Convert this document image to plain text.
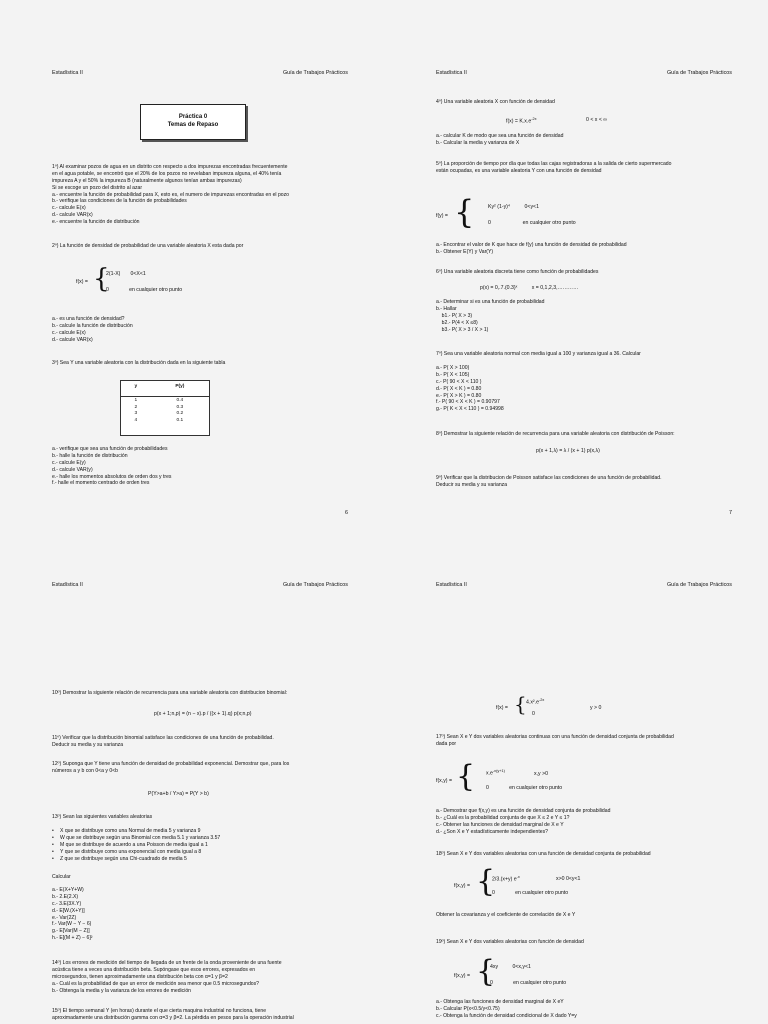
Estadística II	Guía de Trabajos Prácticos
Práctica 0
Temas de Repaso

1º) Al examinar pozos de agua en un distrito con respecto a dos impurezas encontradas frecuentemente

en el agua potable, se encontró que el 20% de los pozos no revelaban impureza alguna, el 40% tenía

impureza A y el 50% la impureza B (naturalmente algunos tenían ambas impurezas)

Si se escoge un pozo del distrito al azar

a.- encuentre la función de probabilidad para X, esto es, el numero de impurezas encontradas en el pozo

b.- verifique las condiciones de la función de probabilidades

c.- calcule E(x)

d.- calcule VAR(x)

e.- encuentre la función de distribución

2º) La función de densidad de probabilidad de una variable aleatoria X esta dada por
f(x) = {
2(1-X)       0<X<1
0              en cualquier otro punto

a.- es una función de densidad?

b.- calcule la función de distribución

c.- calcule E(x)

d.- calcule VAR(x)

3º) Sea Y una variable aleatoria con la distribución dada en la siguiente tabla
y	P(y)
1	0.4
2	0.3
3	0.2
4	0.1

a.- verifique que sea una función de probabilidades

b.- halle la función de distribución

c.- calcule E(y)

d.- calcule VAR(y)

e.- halle los momentos absolutos de orden dos y tres

f.- halle el momento centrado de orden tres

6
Estadística II	Guía de Trabajos Prácticos
4º) Una variable aleatoria X con función de densidad
$f(x) = K.x.e^{-2x}$	0 < x < ∞

a.- calcular K de modo que sea una función de densidad

b.- Calcular la media y varianza de X

5º) La proporción de tiempo por día que todas las cajas registradoras a la salida de cierto supermercado

están ocupadas, es una variable aleatoria Y con una función de densidad

f(y) = {	Ky² (1-y)⁴          0<y<1
0                      en cualquier otro punto

a.- Encontrar el valor de K que hace de f(y) una función de densidad de probabilidad

b.- Obtener E(Y) y Var(Y)

6º) Una variable aleatoria discreta tiene como función de probabilidades
p(x) = 0,.7.(0.3)ˣ          x = 0,1,2,3,…………

a.- Determinar si es una función de probabilidad

b.- Hallar

b1.- P( X > 3)

b2.- P(4 < X ≤8)

b3.- P( X > 3 / X > 1)

7º) Sea una variable aleatoria normal con media igual a 100 y varianza igual a 36. Calcular

a.- P( X > 100)

b.- P( X < 105)

c.- P( 90 < X < 110 )

d.- P( X < K ) = 0.80

e.- P( X > K ) = 0.80

f.- P( 90 < X < K ) = 0.90797

g.- P( K < X < 110 ) = 0.94998

8º) Demostrar la siguiente relación de recurrencia para una variable aleatoria con distribución de Poisson:
p(x + 1,λ) = λ / (x + 1) p(x,λ)

9º) Verificar que la distribucion de Poisson satisface las condiciones de una función de probabilidad.

Deducir su media y su varianza

7
Estadística II	Guía de Trabajos Prácticos
10º) Demostrar la siguiente relación de recurrencia para una variable aleatoria con distribucion binomial:
p(x + 1;n,p) = (n − x).p / ((x + 1).q) p(x;n,p)

11º) Verificar que la distribución binomial satisface las condiciones de una función de probabilidad.

Deducir su media y su varianza

12º) Suponga que Y tiene una función de densidad de probabilidad exponencial. Demostrar que, para los

números a y b con 0<a y 0<b

P(Y>a+b / Y>a) = P(Y > b)
13º) Sean las siguientes variables aleatorias
• X que se distribuye como una Normal de media 5 y varianza 9
• W que se distribuye según una Binomial con media 5.1 y varianza 3.57
• M que se distribuye de acuerdo a una Poisson de media igual a 1
• Y que se distribuye como una exponencial con media igual a 8
• Z que se distribuye según una Chi-cuadrado de media 5
Calcular

a.- E(X+Y+W)

b.- 2.E(2.X)

c.- 3.E(3X.Y)

d.- E[W.(X+Y)]

e.- Var(2Z)

f.- Var(W − Y − 6)

g.- E[Var(M − Z)]

h.- E[(M + Z) − 6]²

14º) Los errores de medición del tiempo de llegada de un frente de la onda proveniente de una fuente

acústica tiene a veces una distribución beta. Supóngase que esos errores, expresados en

microsegundos, tienen aproximadamente una distribución beta con α=1 y β=2

a.- Cuál es la probabilidad de que un error de medición sea menor que 0.5 microsegundos?

b.- Obtenga la media y la varianza de los errores de medición

15º) El tiempo semanal Y (en horas) durante el que cierta maquina industrial no funciona, tiene

aproximadamente una distribución gamma con α=3 y β=2. La pérdida en pesos para la operación industrial

Estadística II	Guía de Trabajos Prácticos
f(x) = { $4.x^2.e^{-2x}$
0
y > 0

17º) Sean X e Y dos variables aleatorias continuas con una función de densidad conjunta de probabilidad

dada por

f(x,y) = { $x.e^{-x(y+1)}$	x,y >0
0              en cualquier otro punto

a.- Demostrar que f(x,y) es una función de densidad conjunta de probabilidad

b.- ¿Cuál es la probabilidad conjunta de que X ≤ 2 e Y ≤ 1?

c.- Obtener las funciones de densidad marginal de X e Y

d.- ¿Son X e Y estadísticamente independientes?

18º) Sean X e Y dos variables aleatorias con una función de densidad conjunta de probabilidad
f(x,y) = {
2/3.(x+y) $e^{-x}$	x>0 0<y<1
0              en cualquier otro punto
Obtener la covarianza y el coeficiente de correlación de X e Y
19º) Sean X e Y dos variables aleatorias con función de densidad
f(x,y) = {
4xy          0<x,y<1
0              en cualquier otro punto

a.- Obtenga las funciones de densidad marginal de X eY

b.- Calcular P(x<0.5/y<0.75)

c.- Obtenga la función de densidad condicional de X dado Y=y
